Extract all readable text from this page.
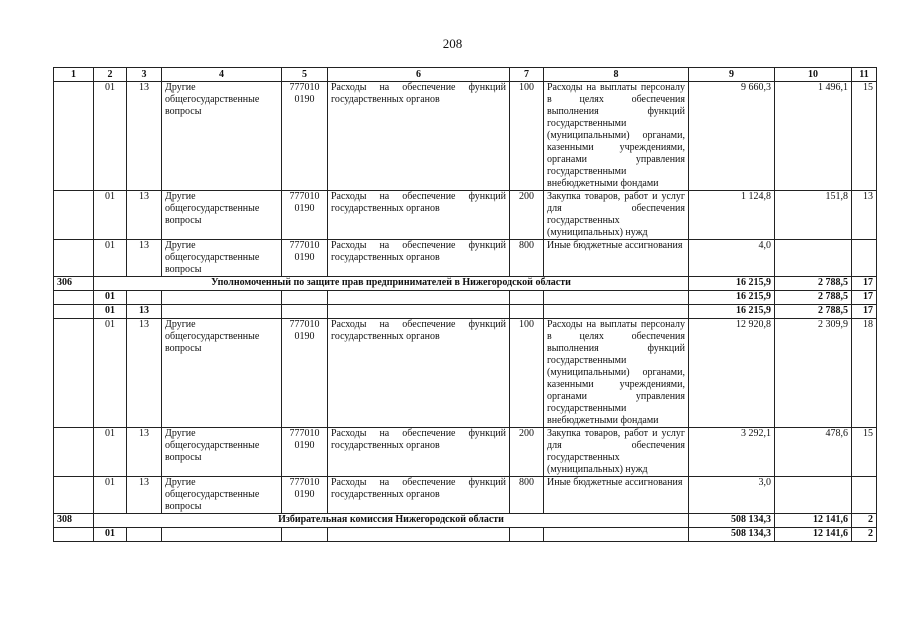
208
1	2	3	4	5	6	7	8	9	10	11
	01	13	Другие общегосударственные вопросы	777010 0190	Расходы на обеспечение функций государственных органов	100	Расходы на выплаты персоналу в целях обеспечения выполнения функций государственными (муниципальными) органами, казенными учреждениями, органами управления государственными внебюджетными фондами	9 660,3	1 496,1	15
	01	13	Другие общегосударственные вопросы	777010 0190	Расходы на обеспечение функций государственных органов	200	Закупка товаров, работ и услуг для обеспечения государственных (муниципальных) нужд	1 124,8	151,8	13
	01	13	Другие общегосударственные вопросы	777010 0190	Расходы на обеспечение функций государственных органов	800	Иные бюджетные ассигнования	4,0		
306	Уполномоченный по защите прав предпринимателей в Нижегородской области							16 215,9	2 788,5	17
	01							16 215,9	2 788,5	17
	01	13						16 215,9	2 788,5	17
	01	13	Другие общегосударственные вопросы	777010 0190	Расходы на обеспечение функций государственных органов	100	Расходы на выплаты персоналу в целях обеспечения выполнения функций государственными (муниципальными) органами, казенными учреждениями, органами управления государственными внебюджетными фондами	12 920,8	2 309,9	18
	01	13	Другие общегосударственные вопросы	777010 0190	Расходы на обеспечение функций государственных органов	200	Закупка товаров, работ и услуг для обеспечения государственных (муниципальных) нужд	3 292,1	478,6	15
	01	13	Другие общегосударственные вопросы	777010 0190	Расходы на обеспечение функций государственных органов	800	Иные бюджетные ассигнования	3,0		
308	Избирательная комиссия Нижегородской области							508 134,3	12 141,6	2
	01							508 134,3	12 141,6	2
